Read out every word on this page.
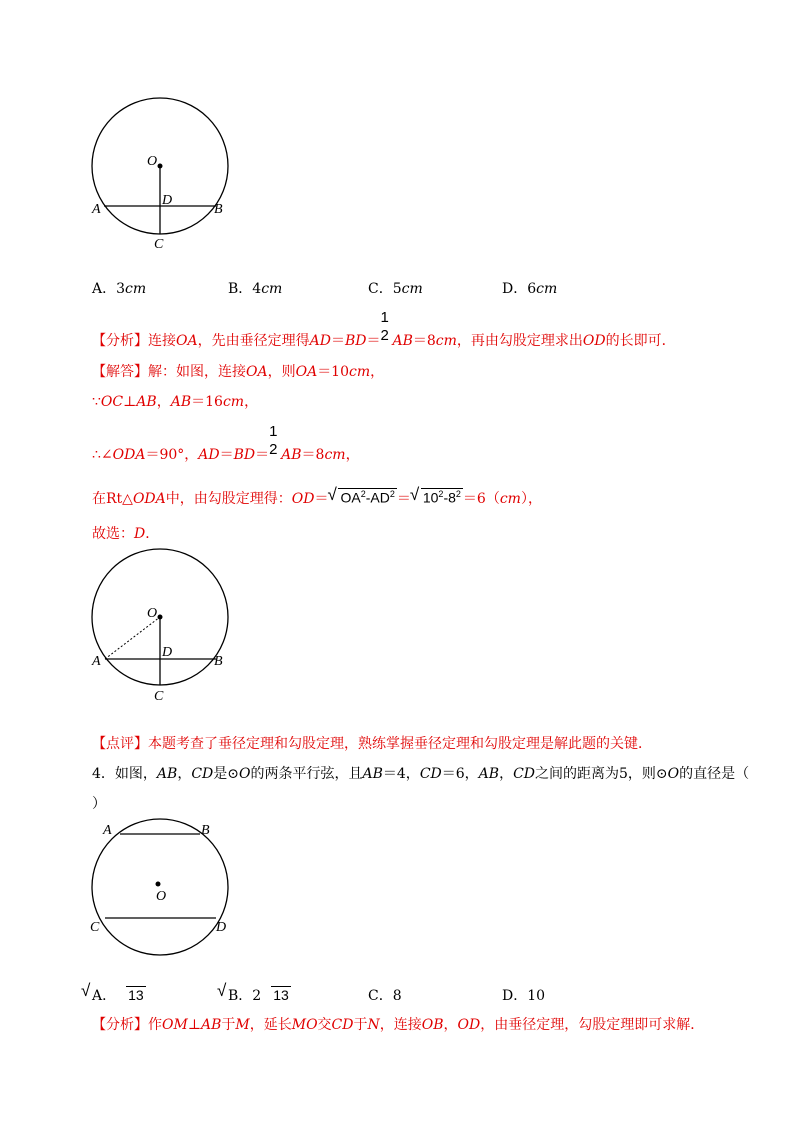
O
D
A	B
C
A．3cm	B．4cm	C．5cm	D．6cm
【分析】连接OA，先由垂径定理得AD＝BD＝
1
2 AB＝8cm，再由勾股定理求出OD的长即可．
【解答】解：如图，连接OA，则OA＝10cm，
∵OC⊥AB，AB＝16cm，
∴∠ODA＝90°，AD＝BD＝
1
2 AB＝8cm，
在Rt△ODA中，由勾股定理得：OD＝ √ $OA^2-AD^2$ ＝ √ $10^2-8^2 =6(cm)$，
故选：D．
O
D
A	B
C
【点评】本题考查了垂径定理和勾股定理，熟练掌握垂径定理和勾股定理是解此题的关键．
4．如图，AB，CD是⊙O的两条平行弦，且AB＝4，CD＝6，AB，CD之间的距离为5，则⊙O的直径是（
）
A	B
O
C	D
A． √ 13	B．2 √ 13	C．8	D．10
【分析】作OM⊥AB于M，延长MO交CD于N，连接OB，OD，由垂径定理，勾股定理即可求解．
